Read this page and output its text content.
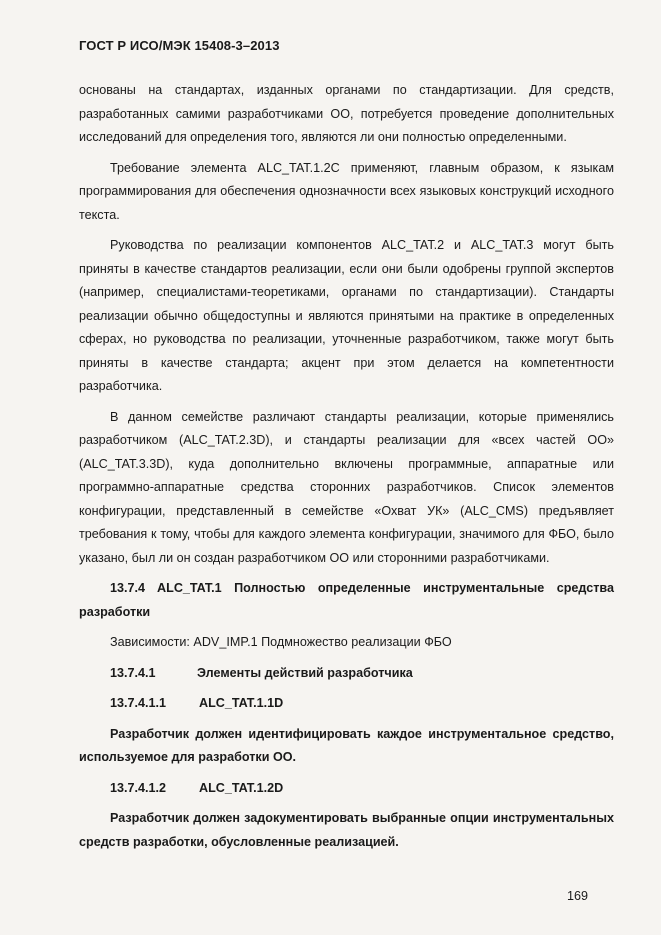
ГОСТ Р ИСО/МЭК 15408-3–2013

основаны на стандартах, изданных органами по стандартизации. Для средств, разработанных самими разработчиками ОО, потребуется проведение дополнительных исследований для определения того, являются ли они полностью определенными.

Требование элемента ALC_TAT.1.2C применяют, главным образом, к языкам программирования для обеспечения однозначности всех языковых конструкций исходного текста.

Руководства по реализации компонентов ALC_TAT.2 и ALC_TAT.3 могут быть приняты в качестве стандартов реализации, если они были одобрены группой экспертов (например, специалистами-теоретиками, органами по стандартизации). Стандарты реализации обычно общедоступны и являются принятыми на практике в определенных сферах, но руководства по реализации, уточненные разработчиком, также могут быть приняты в качестве стандарта; акцент при этом делается на компетентности разработчика.

В данном семействе различают стандарты реализации, которые применялись разработчиком (ALC_TAT.2.3D), и стандарты реализации для «всех частей ОО» (ALC_TAT.3.3D), куда дополнительно включены программные, аппаратные или программно-аппаратные средства сторонних разработчиков. Список элементов конфигурации, представленный в семействе «Охват УК» (ALC_CMS) предъявляет требования к тому, чтобы для каждого элемента конфигурации, значимого для ФБО, было указано, был ли он создан разработчиком ОО или сторонними разработчиками.

13.7.4 ALC_TAT.1 Полностью определенные инструментальные средства разработки

Зависимости: ADV_IMP.1 Подмножество реализации ФБО

13.7.4.1	Элементы действий разработчика
13.7.4.1.1	ALC_TAT.1.1D

Разработчик должен идентифицировать каждое инструментальное средство, используемое для разработки ОО.

13.7.4.1.2	ALC_TAT.1.2D

Разработчик должен задокументировать выбранные опции инструментальных средств разработки, обусловленные реализацией.

169
